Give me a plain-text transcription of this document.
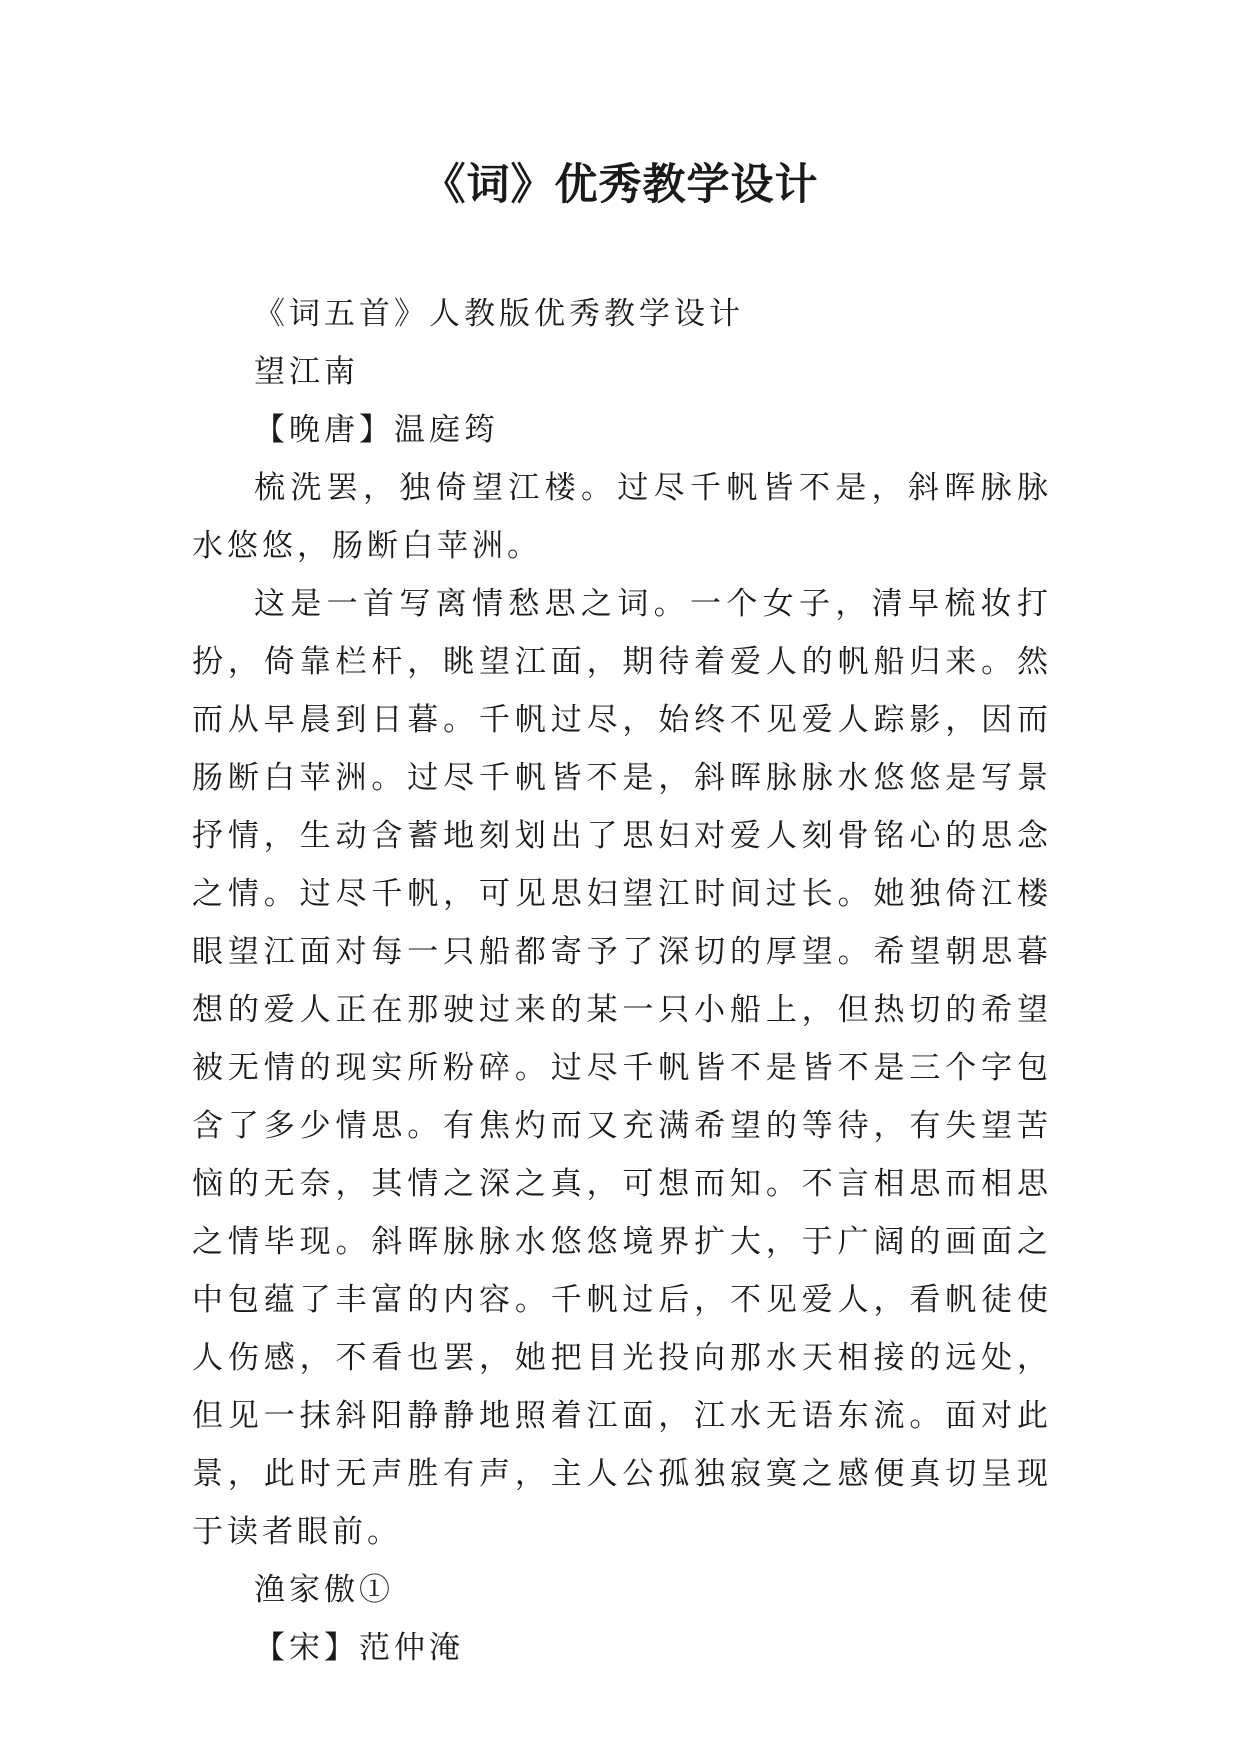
《词》优秀教学设计

《词五首》人教版优秀教学设计

望江南

【晚唐】温庭筠

梳洗罢，独倚望江楼。过尽千帆皆不是，斜晖脉脉水悠悠，肠断白苹洲。

这是一首写离情愁思之词。一个女子，清早梳妆打扮，倚靠栏杆，眺望江面，期待着爱人的帆船归来。然而从早晨到日暮。千帆过尽，始终不见爱人踪影，因而肠断白苹洲。过尽千帆皆不是，斜晖脉脉水悠悠是写景抒情，生动含蓄地刻划出了思妇对爱人刻骨铭心的思念之情。过尽千帆，可见思妇望江时间过长。她独倚江楼眼望江面对每一只船都寄予了深切的厚望。希望朝思暮想的爱人正在那驶过来的某一只小船上，但热切的希望被无情的现实所粉碎。过尽千帆皆不是皆不是三个字包含了多少情思。有焦灼而又充满希望的等待，有失望苦恼的无奈，其情之深之真，可想而知。不言相思而相思之情毕现。斜晖脉脉水悠悠境界扩大，于广阔的画面之中包蕴了丰富的内容。千帆过后，不见爱人，看帆徒使人伤感，不看也罢，她把目光投向那水天相接的远处，但见一抹斜阳静静地照着江面，江水无语东流。面对此景，此时无声胜有声，主人公孤独寂寞之感便真切呈现于读者眼前。

渔家傲①

【宋】范仲淹
